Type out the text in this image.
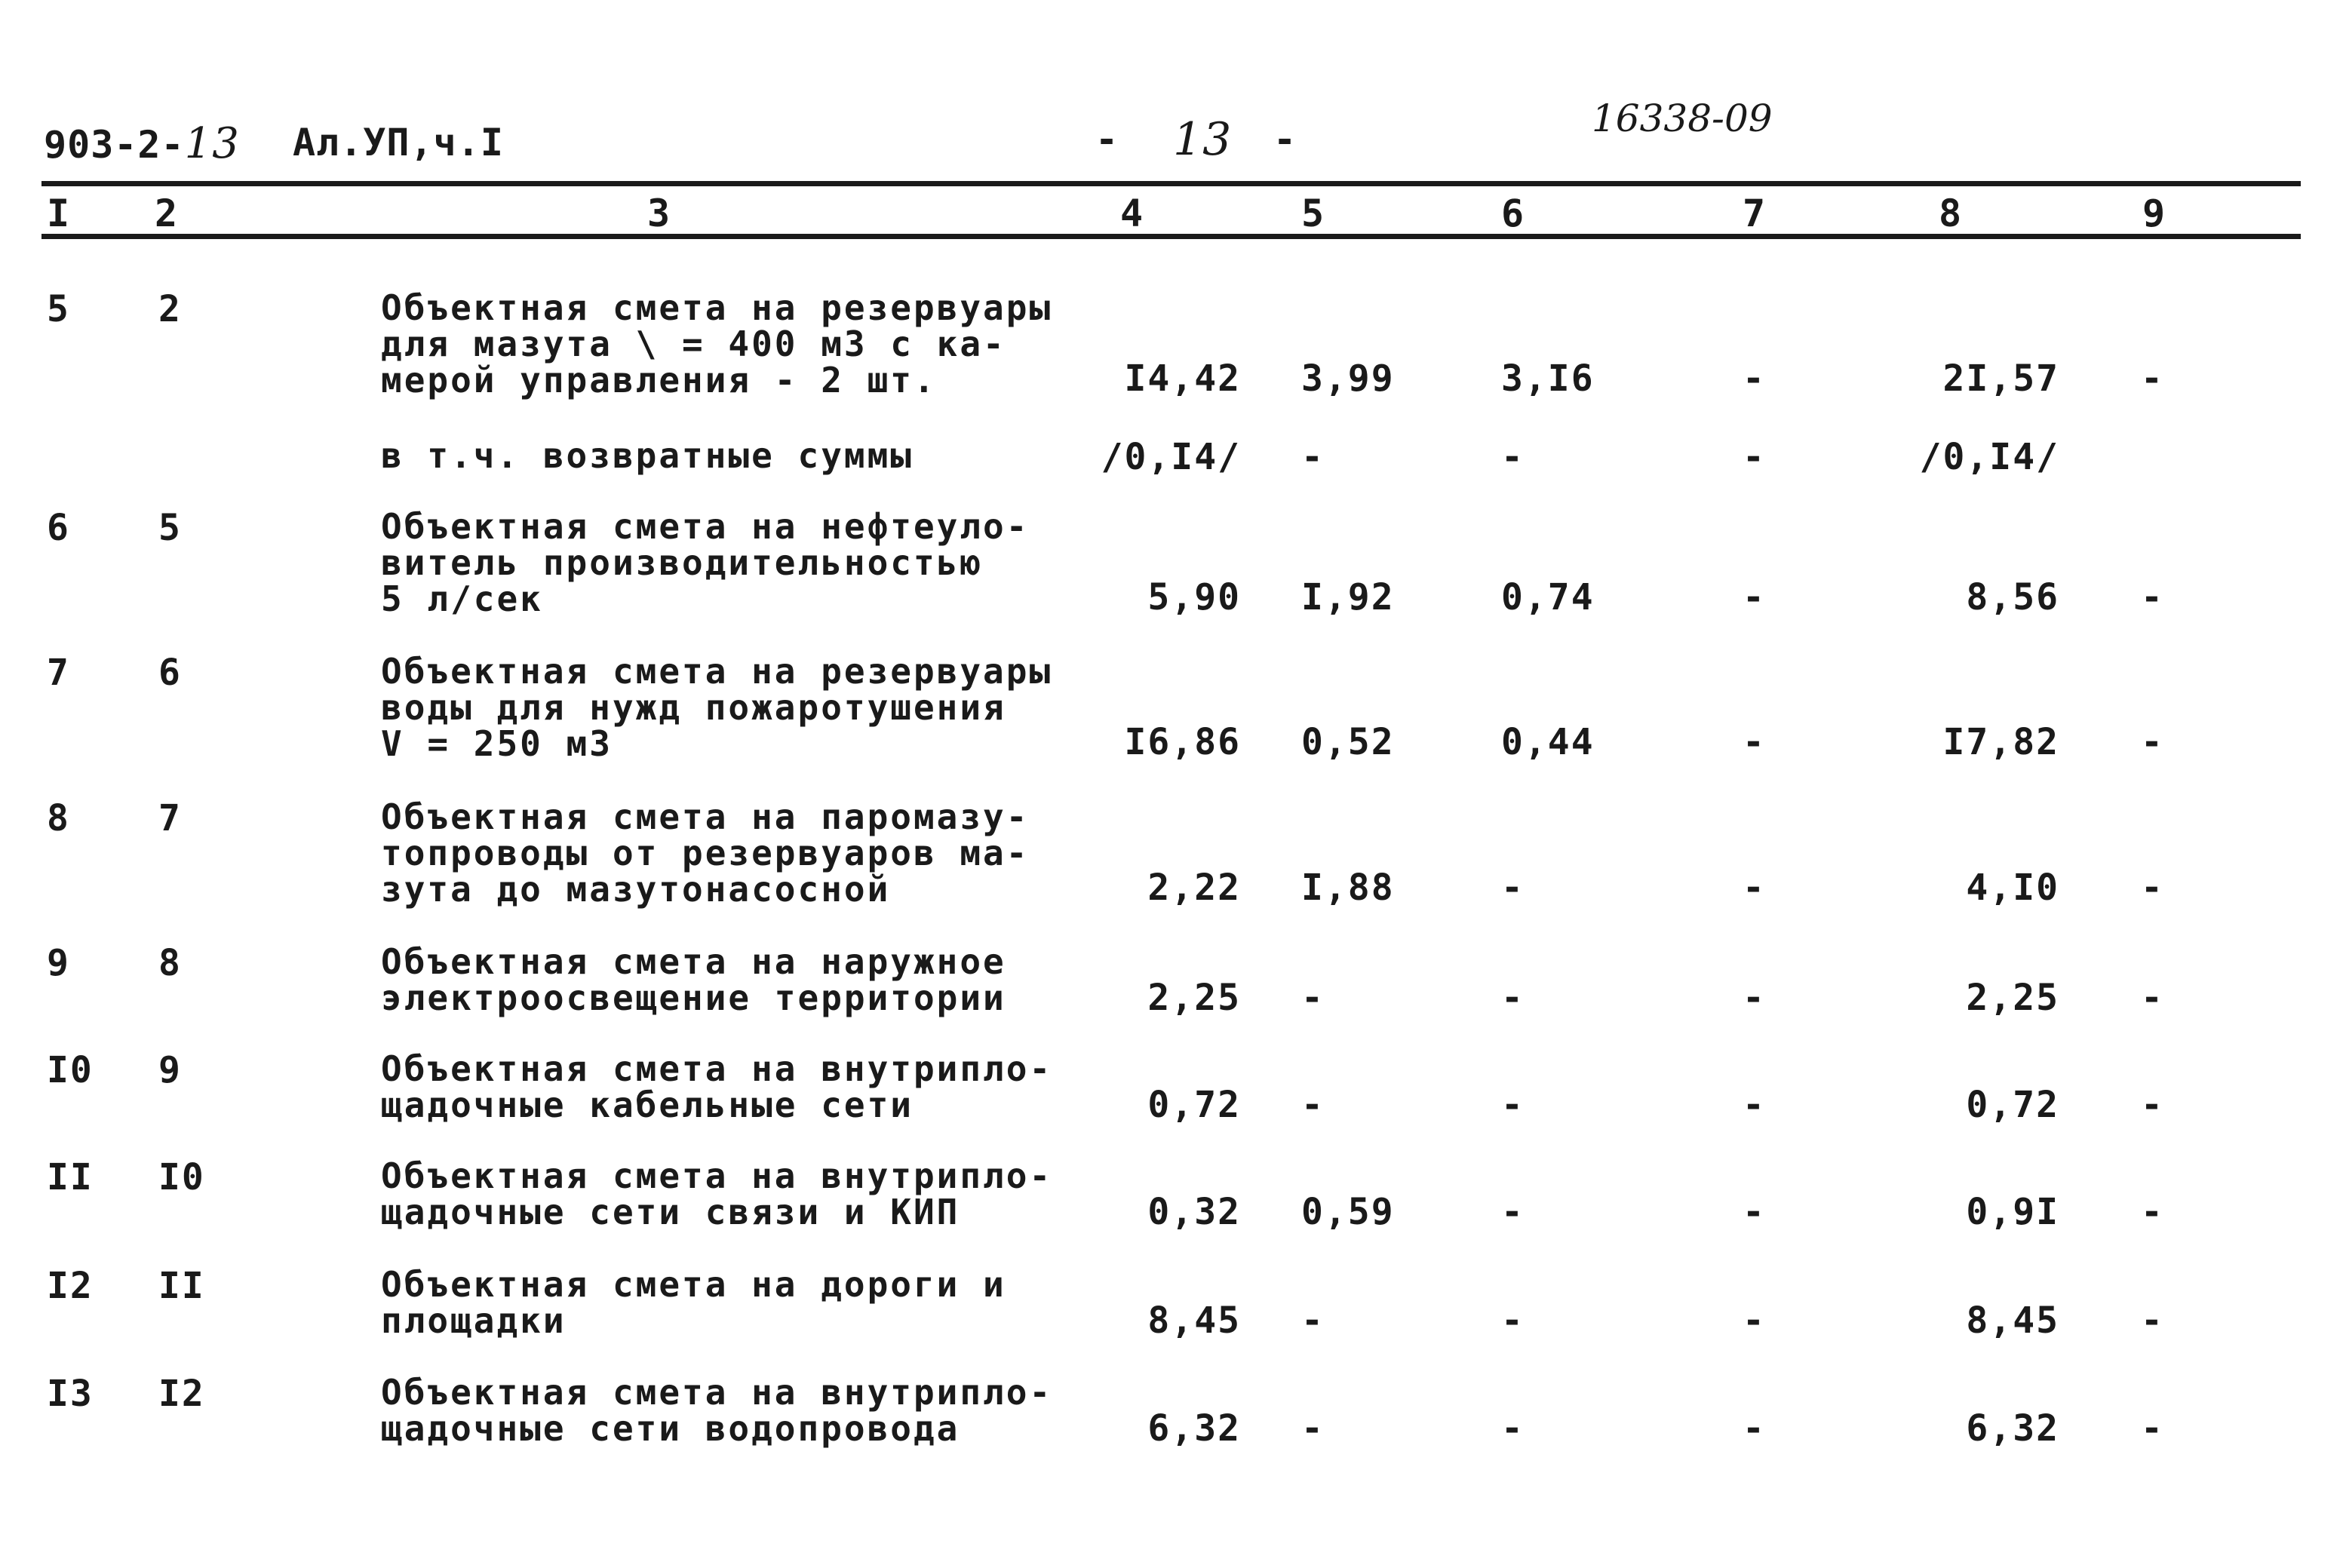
903-2-13 Ал.УП,ч.I	- 13 -	16338-09
I 2	3	4	5	6	7	8	9
5 2	Объектная смета на резервуары
для мазута \ = 400 м3 с ка-
мерой управления - 2 шт.	I4,42 3,99	3,I6	-	2I,57 -
в т.ч. возвратные суммы	/0,I4/ -	-	-	/0,I4/
6 5	Объектная смета на нефтеуло-
витель производительностью
5 л/сек	5,90 I,92	0,74	-	8,56 -
7 6	Объектная смета на резервуары
воды для нужд пожаротушения
V = 250 м3	I6,86 0,52	0,44	-	I7,82 -
8 7	Объектная смета на паромазу-
топроводы от резервуаров ма-
зута до мазутонасосной	2,22 I,88	-	-	4,I0 -
9 8	Объектная смета на наружное
электроосвещение территории	2,25 -	-	-	2,25 -
I0 9	Объектная смета на внутрипло-
щадочные кабельные сети	0,72 -	-	-	0,72 -
II I0	Объектная смета на внутрипло-
щадочные сети связи и КИП	0,32 0,59	-	-	0,9I -
I2 II	Объектная смета на дороги и
площадки	8,45 -	-	-	8,45 -
I3 I2	Объектная смета на внутрипло-
щадочные сети водопровода	6,32 -	-	-	6,32 -
